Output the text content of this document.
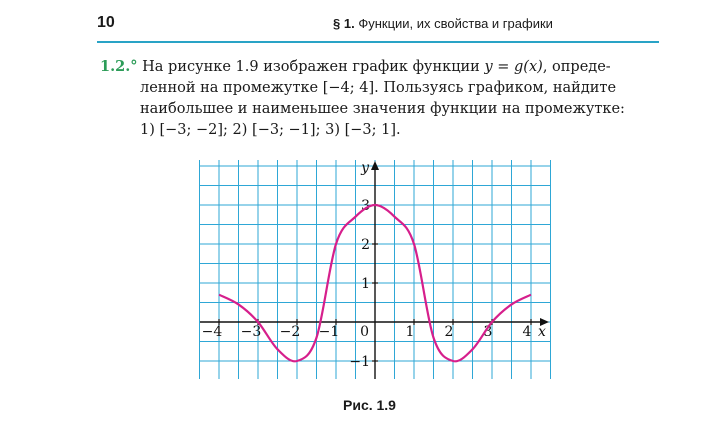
10	§ 1. Функции, их свойства и графики
1.2.° На рисунке 1.9 изображен график функции y = g(x), опреде-
ленной на промежутке [−4; 4]. Пользуясь графиком, найдите
наибольшее и наименьшее значения функции на промежутке:
1) [−3; −2]; 2) [−3; −1]; 3) [−3; 1].
−4 −3 −2 −1	1 2 3 4
3
2
1
−1
0	x
y
Рис. 1.9
